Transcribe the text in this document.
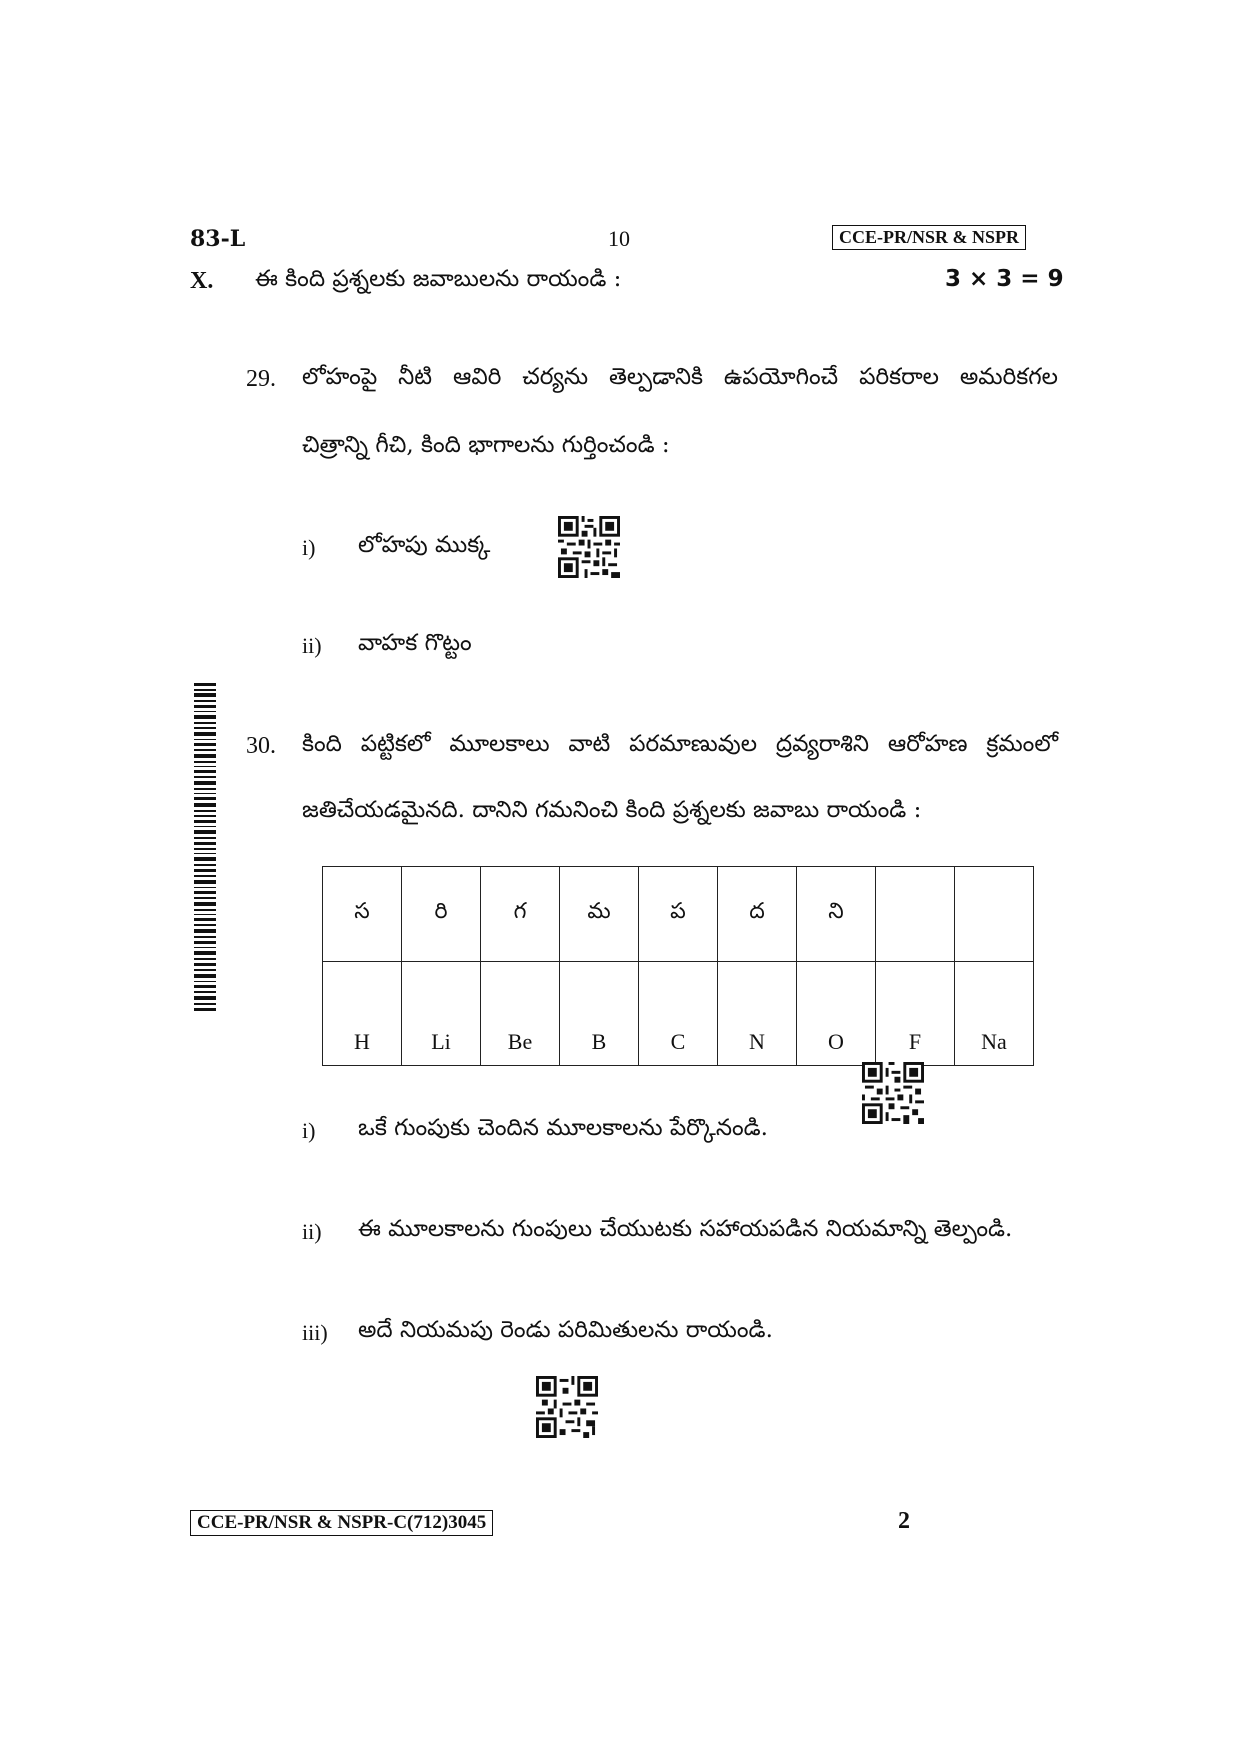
83-L	10	CCE-PR/NSR & NSPR
X. ఈ కింది ప్రశ్నలకు జవాబులను రాయండి :	3 × 3 = 9
29. లోహంపై నీటి ఆవిరి చర్యను తెల్పడానికి ఉపయోగించే పరికరాల అమరికగల
చిత్రాన్ని గీచి, కింది భాగాలను గుర్తించండి :
i) లోహపు ముక్క
ii) వాహక గొట్టం
30. కింది పట్టికలో మూలకాలు వాటి పరమాణువుల ద్రవ్యరాశిని ఆరోహణ క్రమంలో
జతిచేయడమైనది. దానిని గమనించి కింది ప్రశ్నలకు జవాబు రాయండి :
స	రి	గ	మ	ప	ద	ని		
H	Li	Be	B	C	N	O	F	Na
i) ఒకే గుంపుకు చెందిన మూలకాలను పేర్కొనండి.
ii) ఈ మూలకాలను గుంపులు చేయుటకు సహాయపడిన నియమాన్ని తెల్పండి.
iii) అదే నియమపు రెండు పరిమితులను రాయండి.
CCE-PR/NSR & NSPR-C(712)3045	2
